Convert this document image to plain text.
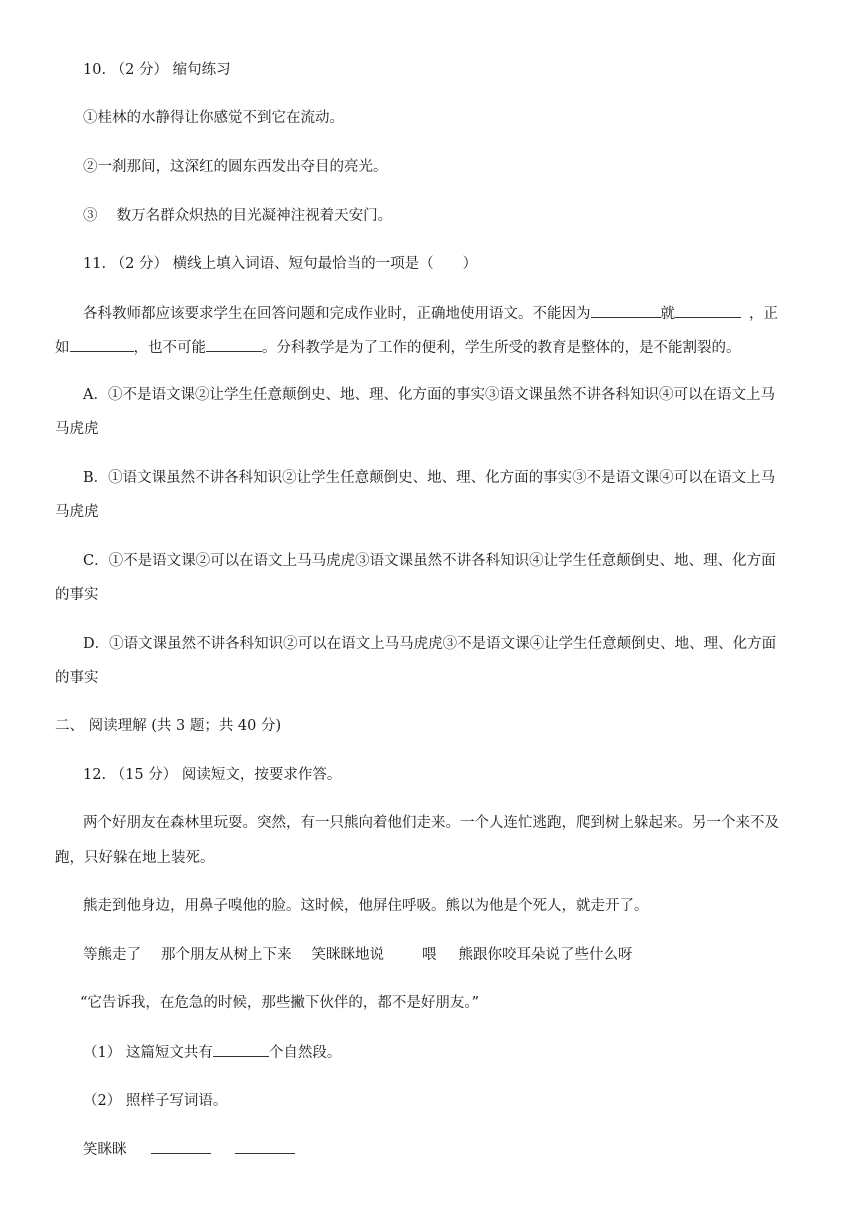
10. （2 分） 缩句练习
①桂林的水静得让你感觉不到它在流动。
②一刹那间，这深红的圆东西发出夺目的亮光。
③　 数万名群众炽热的目光凝神注视着天安门。
11. （2 分） 横线上填入词语、短句最恰当的一项是（　　）
各科教师都应该要求学生在回答问题和完成作业时，正确地使用语文。不能因为	就	，正
如	，也不可能	。分科教学是为了工作的便利，学生所受的教育是整体的，是不能割裂的。
A．①不是语文课②让学生任意颠倒史、地、理、化方面的事实③语文课虽然不讲各科知识④可以在语文上马
马虎虎
B．①语文课虽然不讲各科知识②让学生任意颠倒史、地、理、化方面的事实③不是语文课④可以在语文上马
马虎虎
C．①不是语文课②可以在语文上马马虎虎③语文课虽然不讲各科知识④让学生任意颠倒史、地、理、化方面
的事实
D．①语文课虽然不讲各科知识②可以在语文上马马虎虎③不是语文课④让学生任意颠倒史、地、理、化方面
的事实
二、 阅读理解 (共 3 题；共 40 分)
12. （15 分） 阅读短文，按要求作答。
两个好朋友在森林里玩耍。突然，有一只熊向着他们走来。一个人连忙逃跑，爬到树上躲起来。另一个来不及
跑，只好躲在地上装死。
熊走到他身边，用鼻子嗅他的脸。这时候，他屏住呼吸。熊以为他是个死人，就走开了。
等熊走了 那个朋友从树上下来 笑眯眯地说	喂 熊跟你咬耳朵说了些什么呀
“它告诉我，在危急的时候，那些撇下伙伴的，都不是好朋友。”
（1） 这篇短文共有	个自然段。
（2） 照样子写词语。
笑眯眯
